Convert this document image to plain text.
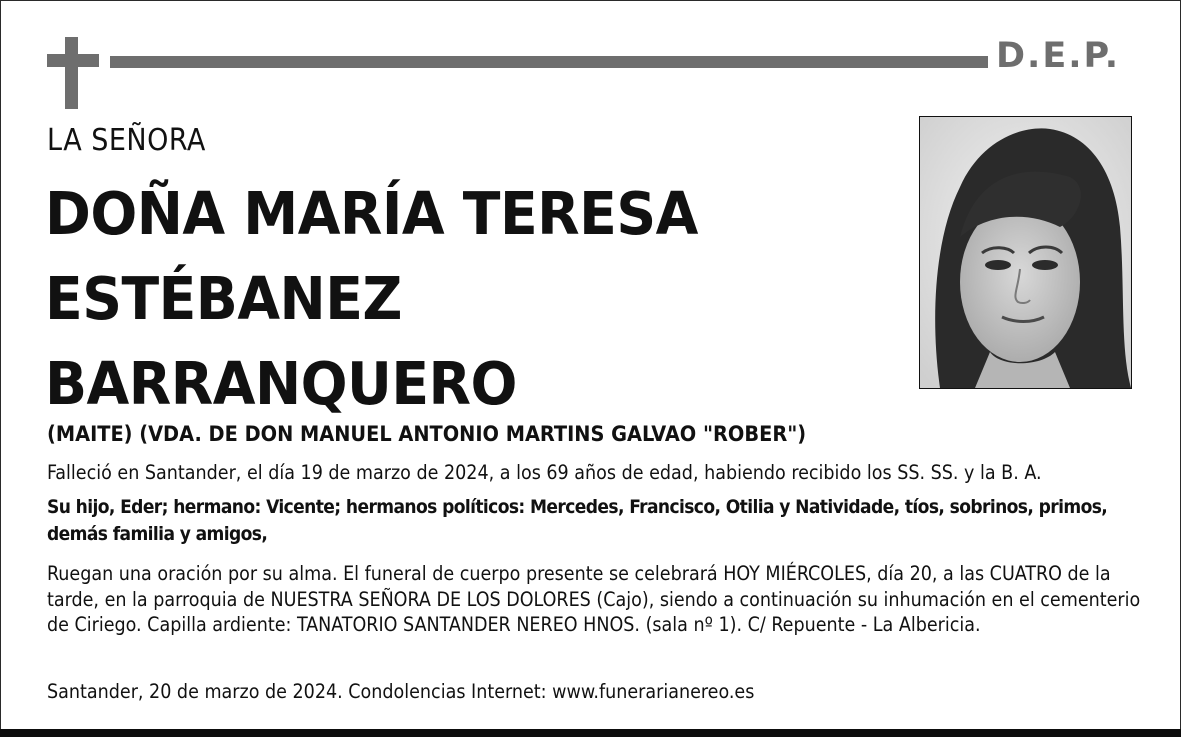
D.E.P.
LA SEÑORA
DOÑA MARÍA TERESA
ESTÉBANEZ
BARRANQUERO
(MAITE) (VDA. DE DON MANUEL ANTONIO MARTINS GALVAO "ROBER")
Falleció en Santander, el día 19 de marzo de 2024, a los 69 años de edad, habiendo recibido los SS. SS. y la B. A.
Su hijo, Eder; hermano: Vicente; hermanos políticos: Mercedes, Francisco, Otilia y Natividade, tíos, sobrinos, primos, demás familia y amigos,
Ruegan una oración por su alma. El funeral de cuerpo presente se celebrará HOY MIÉRCOLES, día 20, a las CUATRO de la tarde, en la parroquia de NUESTRA SEÑORA DE LOS DOLORES (Cajo), siendo a continuación su inhumación en el cementerio de Ciriego. Capilla ardiente: TANATORIO SANTANDER NEREO HNOS. (sala nº 1). C/ Repuente - La Albericia.
Santander, 20 de marzo de 2024. Condolencias Internet: www.funerarianereo.es
